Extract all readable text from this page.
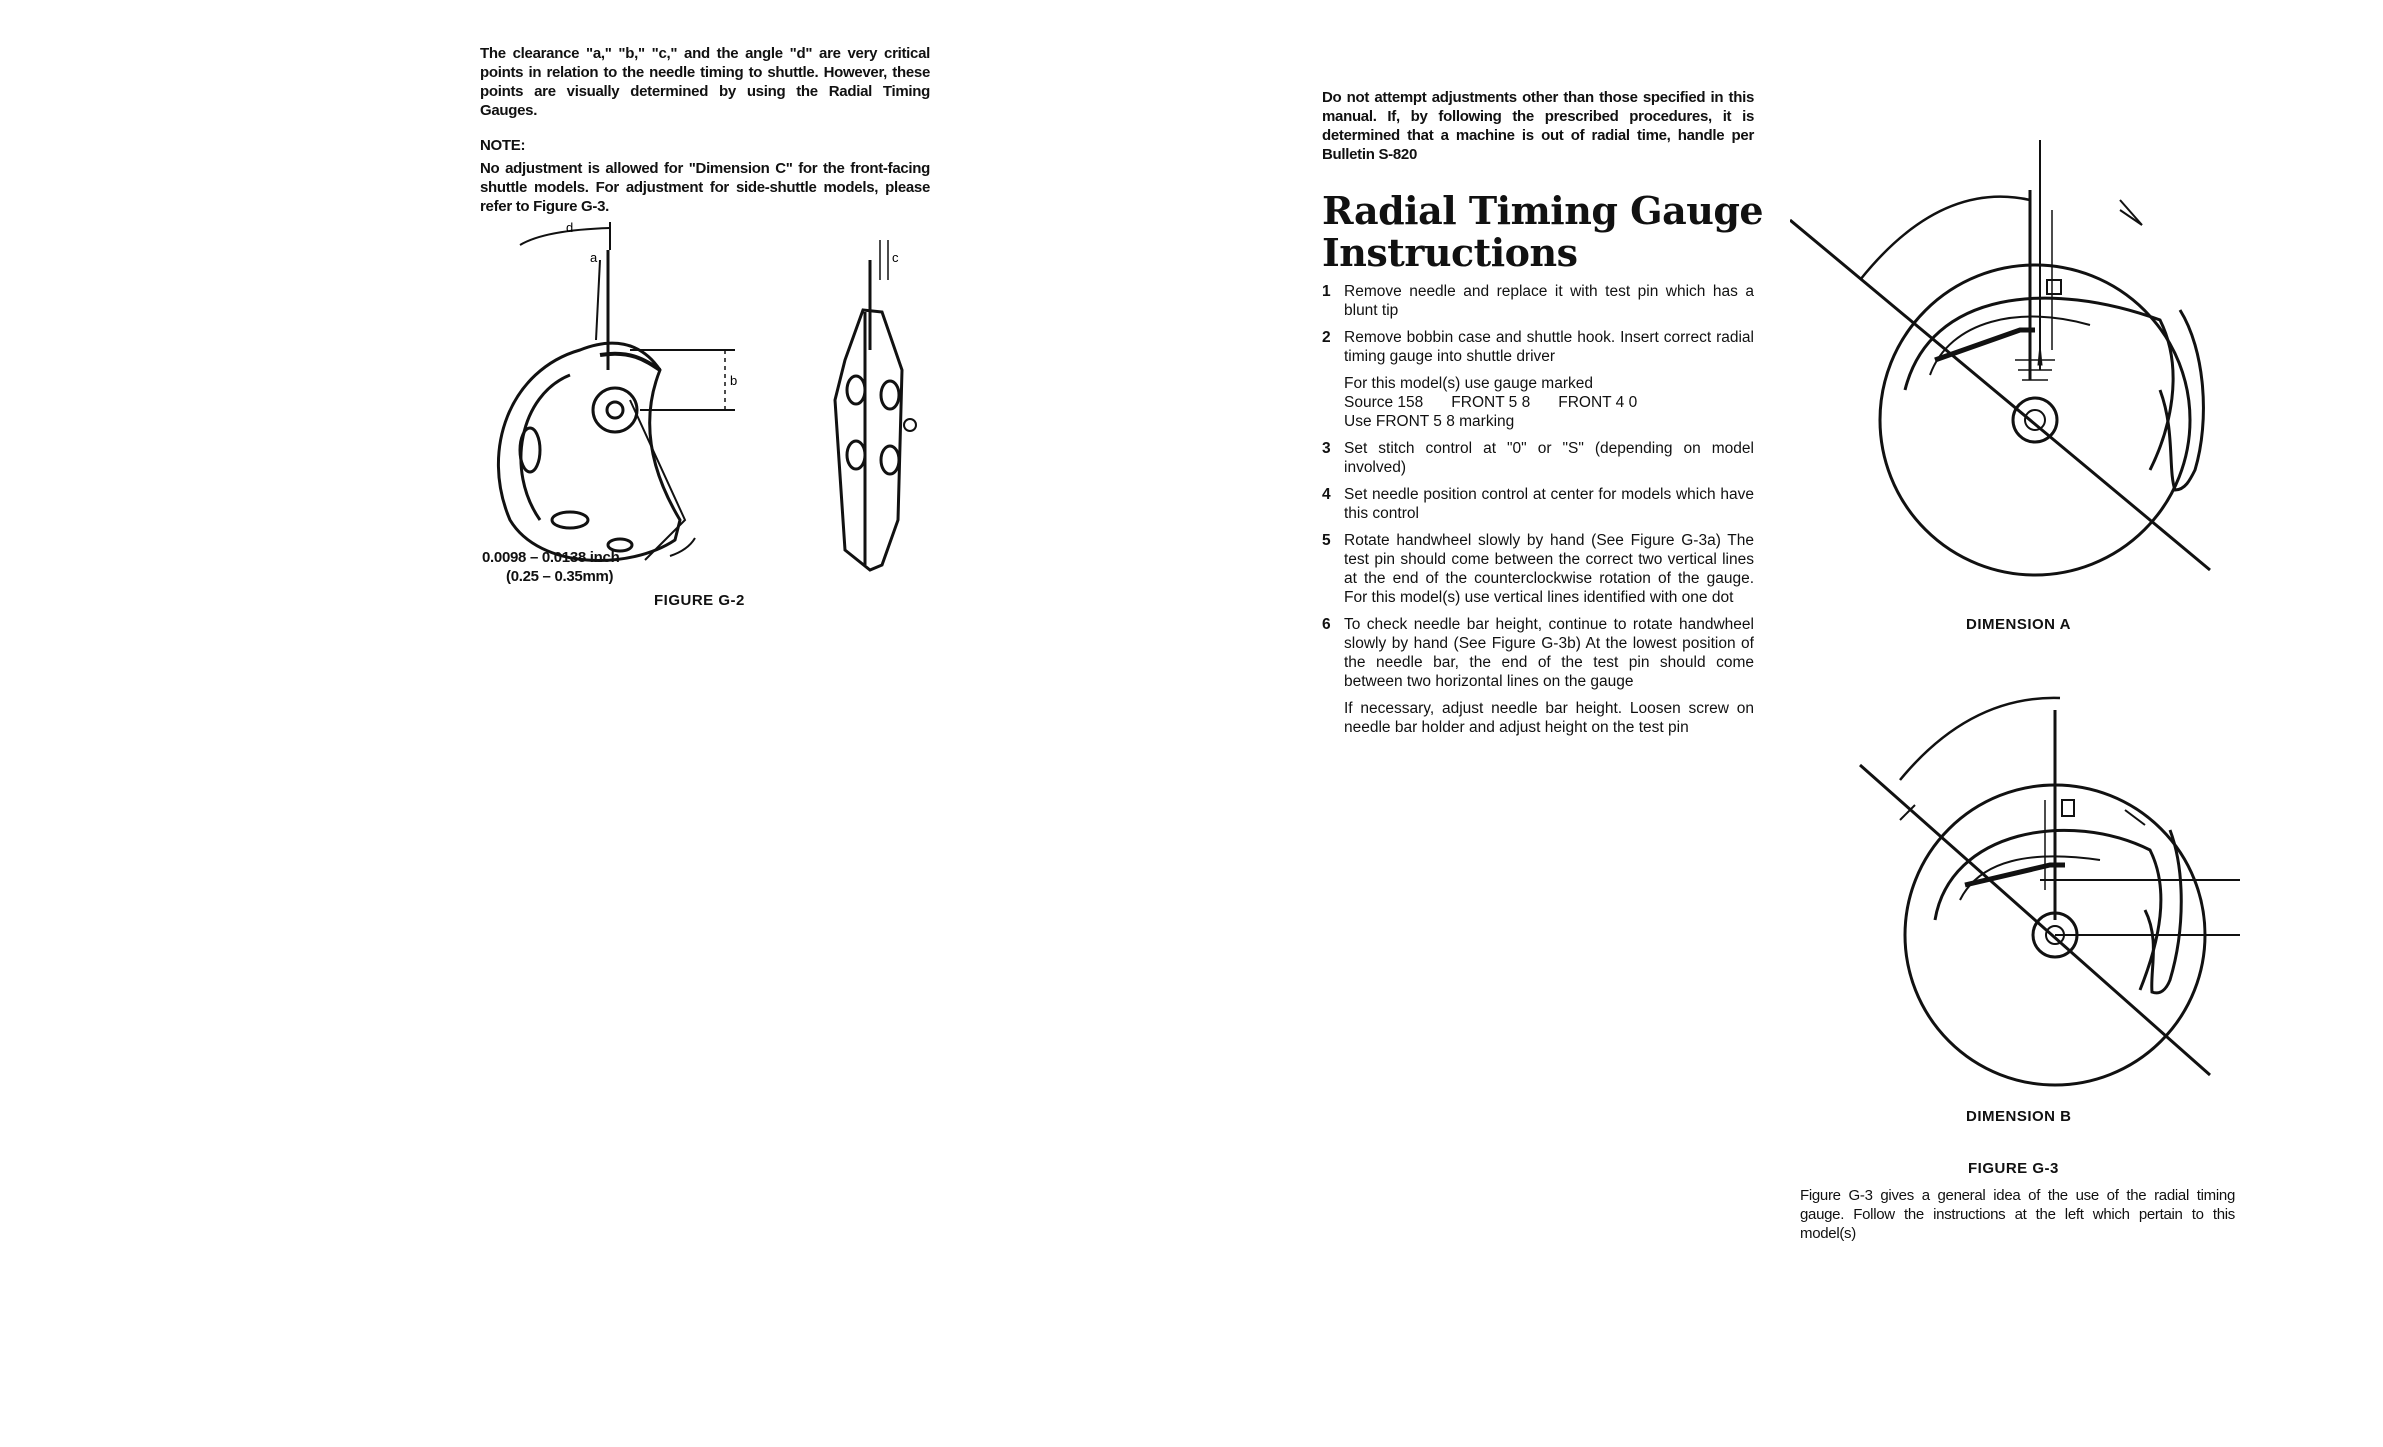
The clearance "a," "b," "c," and the angle "d" are very critical points in relation to the needle timing to shuttle. However, these points are visually determined by using the Radial Timing Gauges.

NOTE:

No adjustment is allowed for "Dimension C" for the front-facing shuttle models. For adjustment for side-shuttle models, please refer to Figure G-3.

d
a
b
c

0.0098 – 0.0138 inch

(0.25 – 0.35mm)

FIGURE G-2

Do not attempt adjustments other than those specified in this manual. If, by following the prescribed procedures, it is determined that a machine is out of radial time, handle per Bulletin S-820

Radial Timing Gauge

Instructions

1 Remove needle and replace it with test pin which has a blunt tip
2 Remove bobbin case and shuttle hook. Insert correct radial timing gauge into shuttle driver

For this model(s) use gauge marked

Source 158 FRONT 5 8 FRONT 4 0

Use FRONT 5 8 marking

3 Set stitch control at "0" or "S" (depending on model involved)
4 Set needle position control at center for models which have this control
5 Rotate handwheel slowly by hand (See Figure G-3a) The test pin should come between the correct two vertical lines at the end of the counterclockwise rotation of the gauge. For this model(s) use vertical lines identified with one dot
6 To check needle bar height, continue to rotate handwheel slowly by hand (See Figure G-3b) At the lowest position of the needle bar, the end of the test pin should come between two horizontal lines on the gauge
If necessary, adjust needle bar height. Loosen screw on needle bar holder and adjust height on the test pin
DIMENSION A
DIMENSION B
FIGURE G-3

Figure G-3 gives a general idea of the use of the radial timing gauge. Follow the instructions at the left which pertain to this model(s)
